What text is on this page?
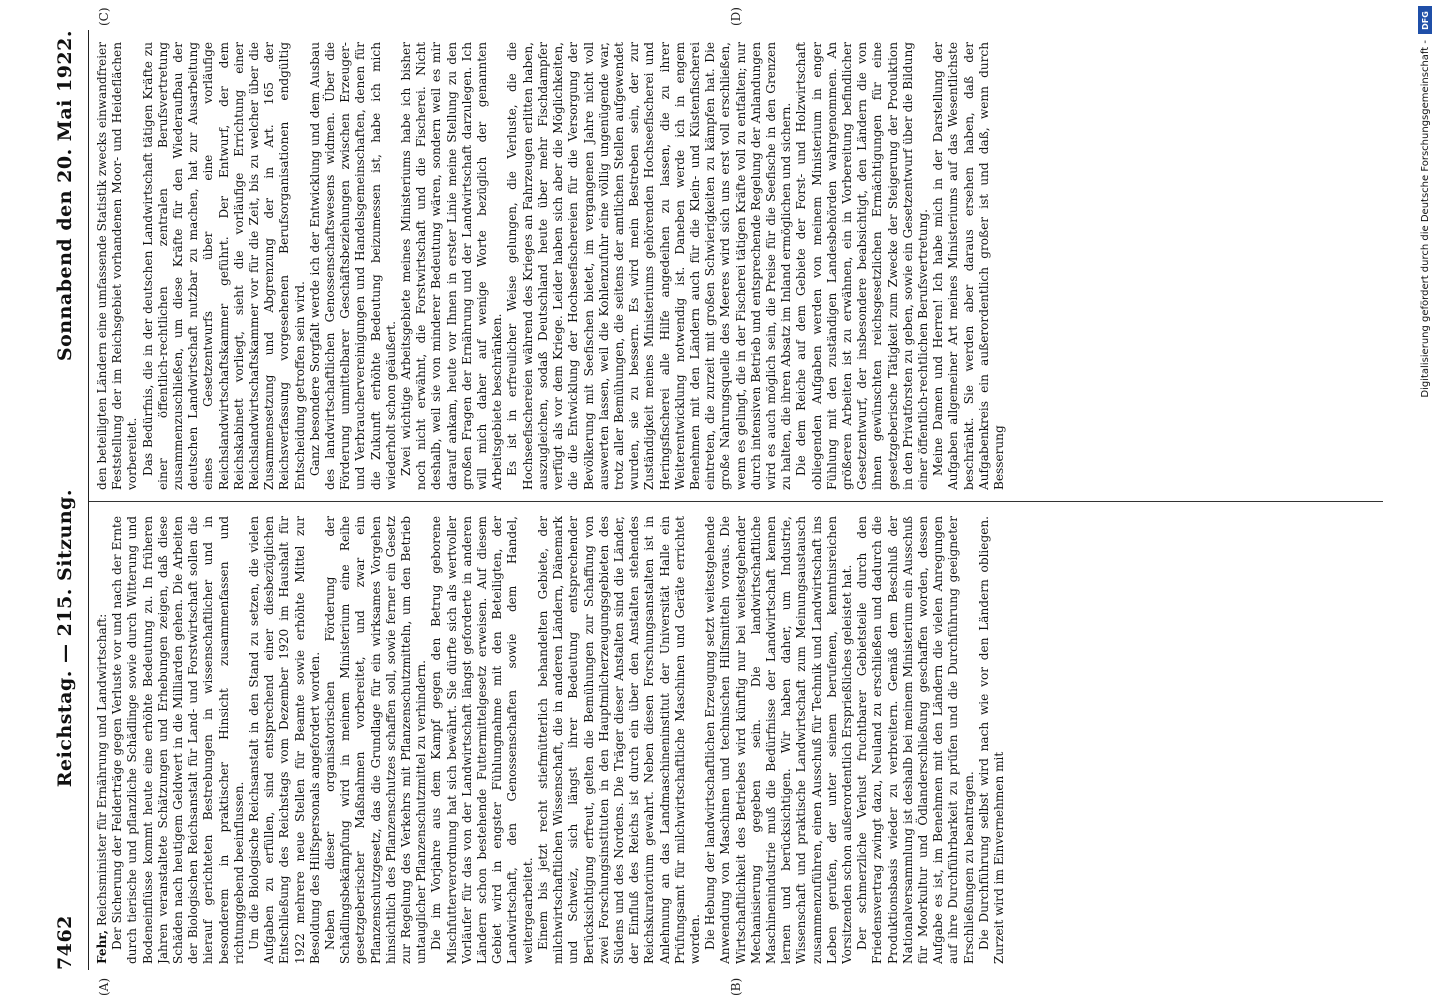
7462
Reichstag. — 215. Sitzung.
Sonnabend den 20. Mai 1922.
(A)	(B)
(C)	(D)

Fehr, Reichsminister für Ernährung und Landwirtschaft: Der Sicherung der Felderträge gegen Verluste vor und nach der Ernte durch tierische und pflanzliche Schädlinge sowie durch Witterung und Bodeneinflüsse kommt heute eine erhöhte Bedeutung zu. In früheren Jahren veranstaltete Schätzungen und Erhebungen zeigen, daß diese Schäden nach heutigem Geldwert in die Milliarden gehen. Die Arbeiten der Biologischen Reichsanstalt für Land- und Forstwirtschaft sollen die hierauf gerichteten Bestrebungen in wissenschaftlicher und in besonderem in praktischer Hinsicht zusammenfassen und richtunggebend beeinflussen. Um die Biologische Reichsanstalt in den Stand zu setzen, die vielen Aufgaben zu erfüllen, sind entsprechend einer diesbezüglichen Entschließung des Reichstags vom Dezember 1920 im Haushalt für 1922 mehrere neue Stellen für Beamte sowie erhöhte Mittel zur Besoldung des Hilfspersonals angefordert worden. Neben dieser organisatorischen Förderung der Schädlingsbekämpfung wird in meinem Ministerium eine Reihe gesetzgeberischer Maßnahmen vorbereitet, und zwar ein Pflanzenschutzgesetz, das die Grundlage für ein wirksames Vorgehen hinsichtlich des Pflanzenschutzes schaffen soll, sowie ferner ein Gesetz zur Regelung des Verkehrs mit Pflanzenschutzmitteln, um den Betrieb untauglicher Pflanzenschutzmittel zu verhindern. Die im Vorjahre aus dem Kampf gegen den Betrug geborene Mischfutterverordnung hat sich bewährt. Sie dürfte sich als wertvoller Vorläufer für das von der Landwirtschaft längst geforderte in anderen Ländern schon bestehende Futtermittelgesetz erweisen. Auf diesem Gebiet wird in engster Fühlungnahme mit den Beteiligten, der Landwirtschaft, den Genossenschaften sowie dem Handel, weitergearbeitet. Einem bis jetzt recht stiefmütterlich behandelten Gebiete, der milchwirtschaftlichen Wissenschaft, die in anderen Ländern, Dänemark und Schweiz, sich längst ihrer Bedeutung entsprechender Berücksichtigung erfreut, gelten die Bemühungen zur Schaffung von zwei Forschungsinstituten in den Hauptmilcherzeugungsgebieten des Südens und des Nordens. Die Träger dieser Anstalten sind die Länder, der Einfluß des Reichs ist durch ein über den Anstalten stehendes Reichskuratorium gewahrt. Neben diesen Forschungsanstalten ist in Anlehnung an das Landmaschineninstitut der Universität Halle ein Prüfungsamt für milchwirtschaftliche Maschinen und Geräte errichtet worden. Die Hebung der landwirtschaftlichen Erzeugung setzt weitestgehende Anwendung von Maschinen und technischen Hilfsmitteln voraus. Die Wirtschaftlichkeit des Betriebes wird künftig nur bei weitestgehender Mechanisierung gegeben sein. Die landwirtschaftliche Maschinenindustrie muß die Bedürfnisse der Landwirtschaft kennen lernen und berücksichtigen. Wir haben daher, um Industrie, Wissenschaft und praktische Landwirtschaft zum Meinungsaustausch zusammenzuführen, einen Ausschuß für Technik und Landwirtschaft ins Leben gerufen, der unter seinem berufenen, kenntnisreichen Vorsitzenden schon außerordentlich Ersprießliches geleistet hat. Der schmerzliche Verlust fruchtbarer Gebietsteile durch den Friedensvertrag zwingt dazu, Neuland zu erschließen und dadurch die Produktionsbasis wieder zu verbreitern. Gemäß dem Beschluß der Nationalversammlung ist deshalb bei meinem Ministerium ein Ausschuß für Moorkultur und Ödlanderschließung geschaffen worden, dessen Aufgabe es ist, im Benehmen mit den Ländern die vielen Anregungen auf ihre Durchführbarkeit zu prüfen und die Durchführung geeigneter Erschließungen zu beantragen. Die Durchführung selbst wird nach wie vor den Ländern obliegen. Zurzeit wird im Einvernehmen mit

den beteiligten Ländern eine umfassende Statistik zwecks einwandfreier Feststellung der im Reichsgebiet vorhandenen Moor- und Heideflächen vorbereitet. Das Bedürfnis, die in der deutschen Landwirtschaft tätigen Kräfte zu einer öffentlich-rechtlichen zentralen Berufsvertretung zusammenzuschließen, um diese Kräfte für den Wiederaufbau der deutschen Landwirtschaft nutzbar zu machen, hat zur Ausarbeitung eines Gesetzentwurfs über eine vorläufige Reichslandwirtschaftskammer geführt. Der Entwurf, der dem Reichskabinett vorliegt, sieht die vorläufige Errichtung einer Reichslandwirtschaftskammer vor für die Zeit, bis zu welcher über die Zusammensetzung und Abgrenzung der in Art. 165 der Reichsverfassung vorgesehenen Berufsorganisationen endgültig Entscheidung getroffen sein wird. Ganz besondere Sorgfalt werde ich der Entwicklung und dem Ausbau des landwirtschaftlichen Genossenschaftswesens widmen. Über die Förderung unmittelbarer Geschäftsbeziehungen zwischen Erzeuger- und Verbrauchervereinigungen und Handelsgemeinschaften, denen für die Zukunft erhöhte Bedeutung beizumessen ist, habe ich mich wiederholt schon geäußert. Zwei wichtige Arbeitsgebiete meines Ministeriums habe ich bisher noch nicht erwähnt, die Forstwirtschaft und die Fischerei. Nicht deshalb, weil sie von minderer Bedeutung wären, sondern weil es mir darauf ankam, heute vor Ihnen in erster Linie meine Stellung zu den großen Fragen der Ernährung und der Landwirtschaft darzulegen. Ich will mich daher auf wenige Worte bezüglich der genannten Arbeitsgebiete beschränken. Es ist in erfreulicher Weise gelungen, die Verluste, die die Hochseefischereien während des Krieges an Fahrzeugen erlitten haben, auszugleichen, sodaß Deutschland heute über mehr Fischdampfer verfügt als vor dem Kriege. Leider haben sich aber die Möglichkeiten, die die Entwicklung der Hochseefischereien für die Versorgung der Bevölkerung mit Seefischen bietet, im vergangenen Jahre nicht voll auswerten lassen, weil die Kohlenzufuhr eine völlig ungenügende war, trotz aller Bemühungen, die seitens der amtlichen Stellen aufgewendet wurden, sie zu bessern. Es wird mein Bestreben sein, der zur Zuständigkeit meines Ministeriums gehörenden Hochseefischerei und Heringsfischerei alle Hilfe angedeihen zu lassen, die zu ihrer Weiterentwicklung notwendig ist. Daneben werde ich in engem Benehmen mit den Ländern auch für die Klein- und Küstenfischerei eintreten, die zurzeit mit großen Schwierigkeiten zu kämpfen hat. Die große Nahrungsquelle des Meeres wird sich uns erst voll erschließen, wenn es gelingt, die in der Fischerei tätigen Kräfte voll zu entfalten; nur durch intensiven Betrieb und entsprechende Regelung der Anlandungen wird es auch möglich sein, die Preise für die Seefische in den Grenzen zu halten, die ihren Absatz im Inland ermöglichen und sichern. Die dem Reiche auf dem Gebiete der Forst- und Holzwirtschaft obliegenden Aufgaben werden von meinem Ministerium in enger Fühlung mit den zuständigen Landesbehörden wahrgenommen. An größeren Arbeiten ist zu erwähnen, ein in Vorbereitung befindlicher Gesetzentwurf, der insbesondere beabsichtigt, den Ländern die von ihnen gewünschten reichsgesetzlichen Ermächtigungen für eine gesetzgeberische Tätigkeit zum Zwecke der Steigerung der Produktion in den Privatforsten zu geben, sowie ein Gesetzentwurf über die Bildung einer öffentlich-rechtlichen Berufsvertretung. Meine Damen und Herren! Ich habe mich in der Darstellung der Aufgaben allgemeiner Art meines Ministeriums auf das Wesentlichste beschränkt. Sie werden aber daraus ersehen haben, daß der Aufgabenkreis ein außerordentlich großer ist und daß, wenn durch Besserung

DFG
Digitalisierung gefördert durch die Deutsche Forschungsgemeinschaft -
